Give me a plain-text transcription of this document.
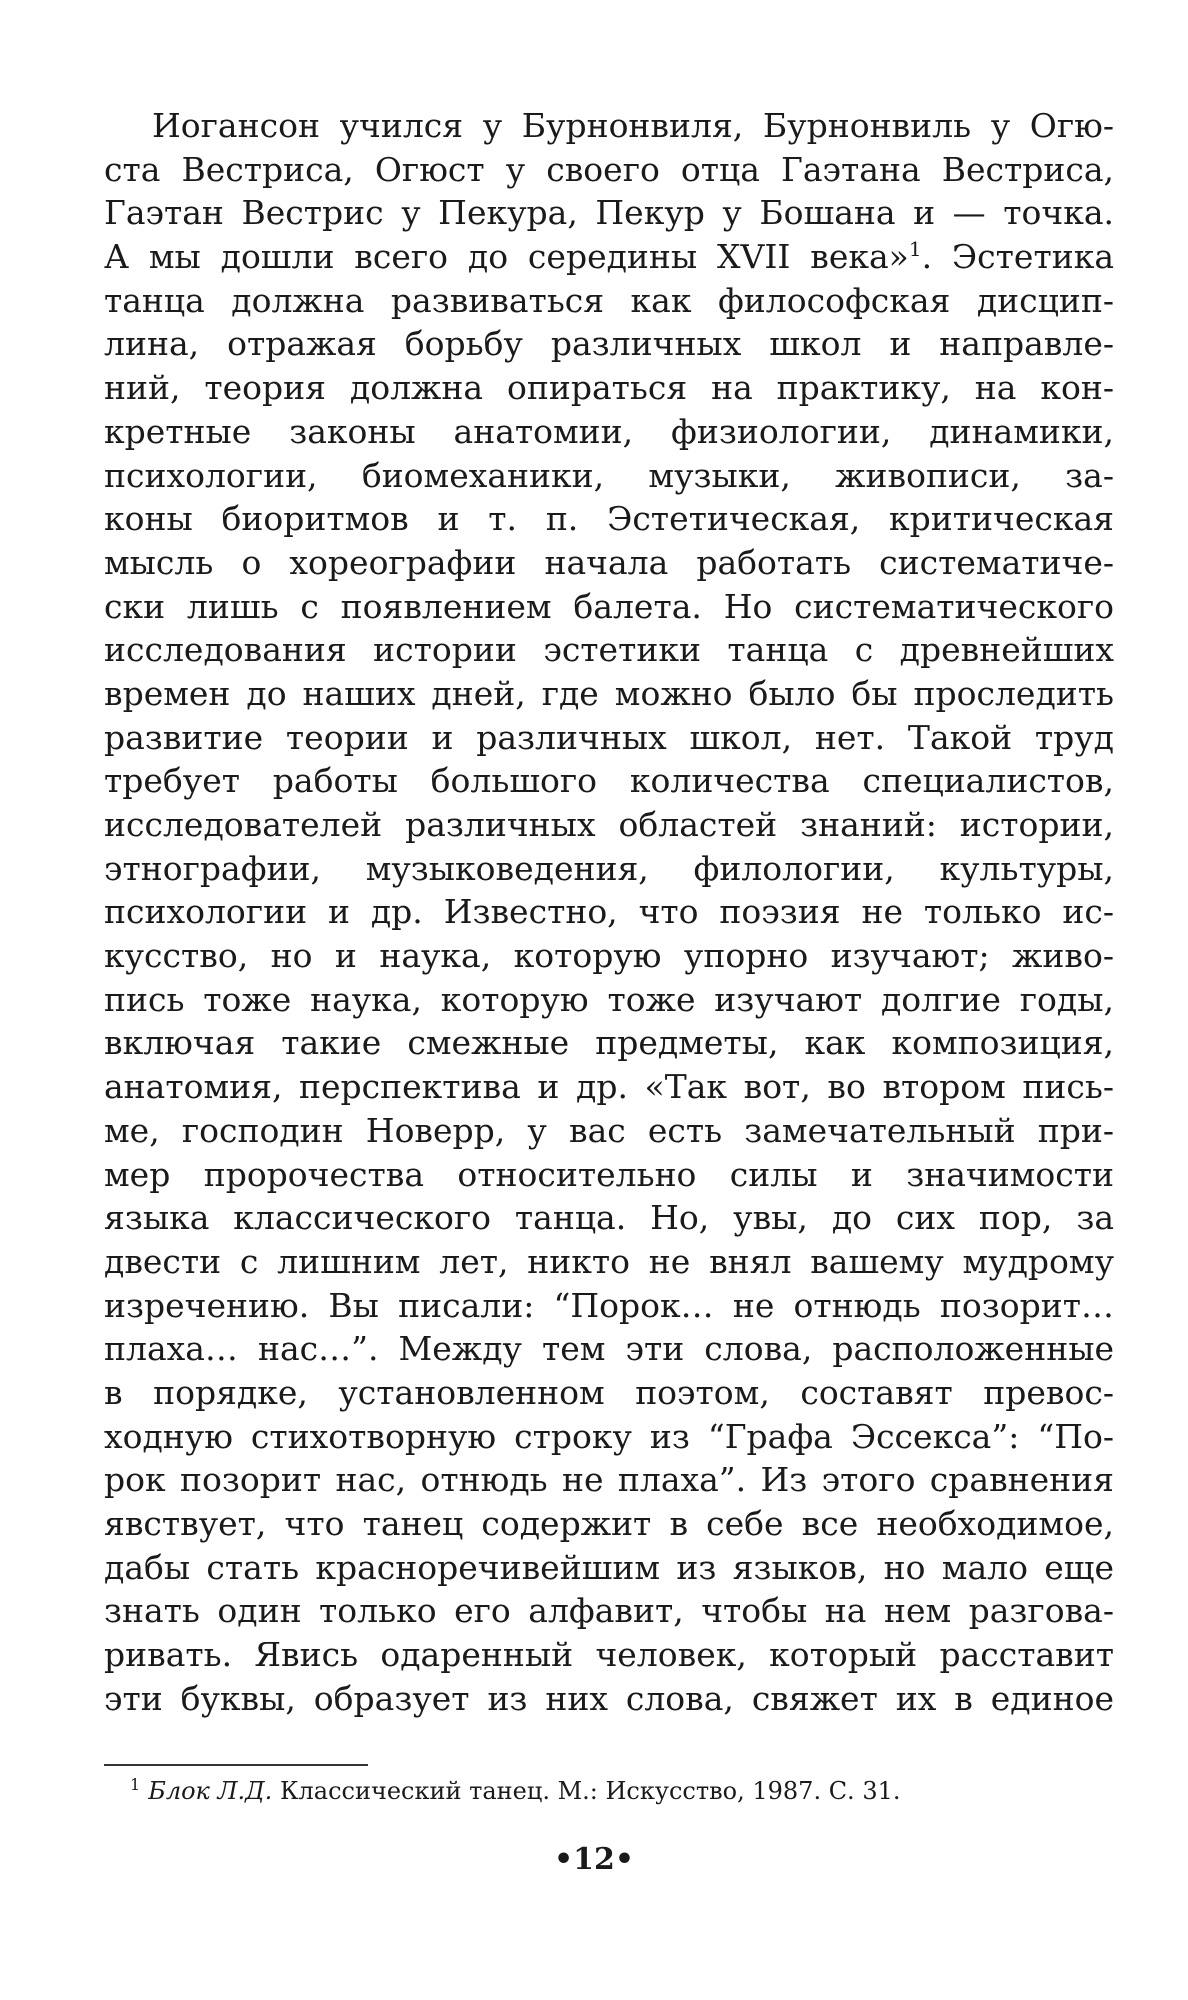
Иогансон учился у Бурнонвиля, Бурнонвиль у Огю-
ста Вестриса, Огюст у своего отца Гаэтана Вестриса,
Гаэтан Вестрис у Пекура, Пекур у Бошана и — точка.
А мы дошли всего до середины XVII века»$^1$. Эстетика
танца должна развиваться как философская дисцип-
лина, отражая борьбу различных школ и направле-
ний, теория должна опираться на практику, на кон-
кретные законы анатомии, физиологии, динамики,
психологии, биомеханики, музыки, живописи, за-
коны биоритмов и т. п. Эстетическая, критическая
мысль о хореографии начала работать систематиче-
ски лишь с появлением балета. Но систематического
исследования истории эстетики танца с древнейших
времен до наших дней, где можно было бы проследить
развитие теории и различных школ, нет. Такой труд
требует работы большого количества специалистов,
исследователей различных областей знаний: истории,
этнографии, музыковедения, филологии, культуры,
психологии и др. Известно, что поэзия не только ис-
кусство, но и наука, которую упорно изучают; живо-
пись тоже наука, которую тоже изучают долгие годы,
включая такие смежные предметы, как композиция,
анатомия, перспектива и др. «Так вот, во втором пись-
ме, господин Новерр, у вас есть замечательный при-
мер пророчества относительно силы и значимости
языка классического танца. Но, увы, до сих пор, за
двести с лишним лет, никто не внял вашему мудрому
изречению. Вы писали: “Порок… не отнюдь позорит…
плаха… нас…”. Между тем эти слова, расположенные
в порядке, установленном поэтом, составят превос-
ходную стихотворную строку из “Графа Эссекса”: “По-
рок позорит нас, отнюдь не плаха”. Из этого сравнения
явствует, что танец содержит в себе все необходимое,
дабы стать красноречивейшим из языков, но мало еще
знать один только его алфавит, чтобы на нем разгова-
ривать. Явись одаренный человек, который расставит
эти буквы, образует из них слова, свяжет их в единое

$^1$ Блок Л.Д. Классический танец. М.: Искусство, 1987. С. 31.

•12•
